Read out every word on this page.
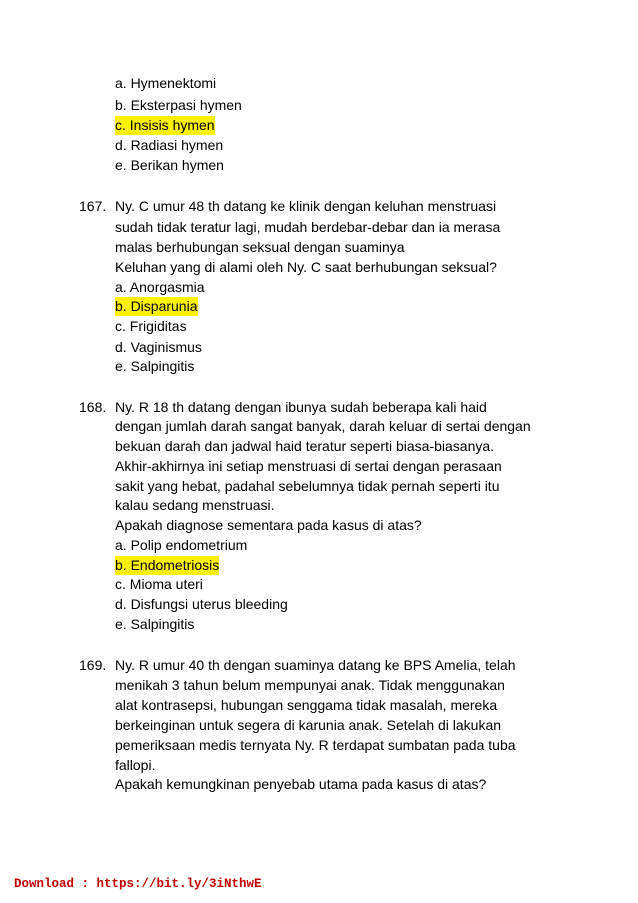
a. Hymenektomi
b. Eksterpasi hymen
c. Insisis hymen
d. Radiasi hymen
e. Berikan hymen
167. Ny. C umur 48 th datang ke klinik dengan keluhan menstruasi
sudah tidak teratur lagi, mudah berdebar-debar dan ia merasa
malas berhubungan seksual dengan suaminya
Keluhan yang di alami oleh Ny. C saat berhubungan seksual?
a. Anorgasmia
b. Disparunia
c. Frigiditas
d. Vaginismus
e. Salpingitis
168. Ny. R 18 th datang dengan ibunya sudah beberapa kali haid
dengan jumlah darah sangat banyak, darah keluar di sertai dengan
bekuan darah dan jadwal haid teratur seperti biasa-biasanya.
Akhir-akhirnya ini setiap menstruasi di sertai dengan perasaan
sakit yang hebat, padahal sebelumnya tidak pernah seperti itu
kalau sedang menstruasi.
Apakah diagnose sementara pada kasus di atas?
a. Polip endometrium
b. Endometriosis
c. Mioma uteri
d. Disfungsi uterus bleeding
e. Salpingitis
169. Ny. R umur 40 th dengan suaminya datang ke BPS Amelia, telah
menikah 3 tahun belum mempunyai anak. Tidak menggunakan
alat kontrasepsi, hubungan senggama tidak masalah, mereka
berkeinginan untuk segera di karunia anak. Setelah di lakukan
pemeriksaan medis ternyata Ny. R terdapat sumbatan pada tuba
fallopi.
Apakah kemungkinan penyebab utama pada kasus di atas?
Download : https://bit.ly/3iNthwE
